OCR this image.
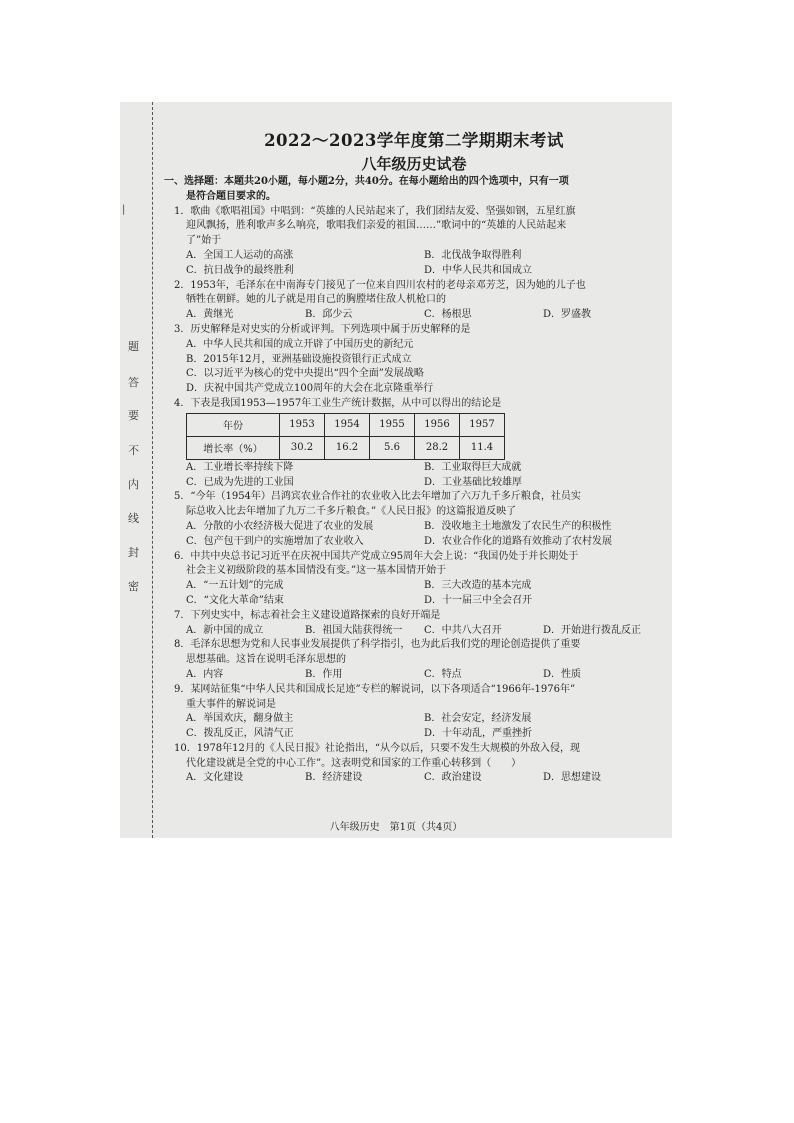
|
题
答
要
不
内
线
封
密
2022～2023学年度第二学期期末考试
八年级历史试卷
一、选择题：本题共20小题，每小题2分，共40分。在每小题给出的四个选项中，只有一项
是符合题目要求的。
1．歌曲《歌唱祖国》中唱到：“英雄的人民站起来了，我们团结友爱、坚强如钢，五星红旗
迎风飘扬，胜利歌声多么响亮，歌唱我们亲爱的祖国……”歌词中的“英雄的人民站起来
了”始于
A．全国工人运动的高涨	B．北伐战争取得胜利
C．抗日战争的最终胜利	D．中华人民共和国成立
2．1953年，毛泽东在中南海专门接见了一位来自四川农村的老母亲邓芳芝，因为她的儿子也
牺牲在朝鲜。她的儿子就是用自己的胸膛堵住敌人机枪口的
A．黄继光	B．邱少云	C．杨根思	D．罗盛教
3．历史解释是对史实的分析或评判。下列选项中属于历史解释的是
A．中华人民共和国的成立开辟了中国历史的新纪元
B．2015年12月，亚洲基础设施投资银行正式成立
C．以习近平为核心的党中央提出“四个全面”发展战略
D．庆祝中国共产党成立100周年的大会在北京隆重举行
4．下表是我国1953—1957年工业生产统计数据，从中可以得出的结论是
年份	1953	1954	1955	1956	1957
增长率（%）	30.2	16.2	5.6	28.2	11.4
A．工业增长率持续下降	B．工业取得巨大成就
C．已成为先进的工业国	D．工业基础比较雄厚
5．“今年（1954年）吕鸿宾农业合作社的农业收入比去年增加了六万九千多斤粮食，社员实
际总收入比去年增加了九万二千多斤粮食。”《人民日报》的这篇报道反映了
A．分散的小农经济极大促进了农业的发展	B．没收地主土地激发了农民生产的积极性
C．包产包干到户的实施增加了农业收入	D．农业合作化的道路有效推动了农村发展
6．中共中央总书记习近平在庆祝中国共产党成立95周年大会上说：“我国仍处于并长期处于
社会主义初级阶段的基本国情没有变。”这一基本国情开始于
A．“一五计划”的完成	B．三大改造的基本完成
C．“文化大革命”结束	D．十一届三中全会召开
7．下列史实中，标志着社会主义建设道路探索的良好开端是
A．新中国的成立	B．祖国大陆获得统一	C．中共八大召开	D．开始进行拨乱反正
8．毛泽东思想为党和人民事业发展提供了科学指引，也为此后我们党的理论创造提供了重要
思想基础。这旨在说明毛泽东思想的
A．内容	B．作用	C．特点	D．性质
9．某网站征集“中华人民共和国成长足迹”专栏的解说词，以下各项适合“1966年-1976年”
重大事件的解说词是
A．举国欢庆，翻身做主	B．社会安定，经济发展
C．拨乱反正，风清气正	D．十年动乱，严重挫折
10．1978年12月的《人民日报》社论指出，“从今以后，只要不发生大规模的外敌入侵，现
代化建设就是全党的中心工作”。这表明党和国家的工作重心转移到（　　）
A．文化建设	B．经济建设	C．政治建设	D．思想建设
八年级历史　第1页（共4页）
